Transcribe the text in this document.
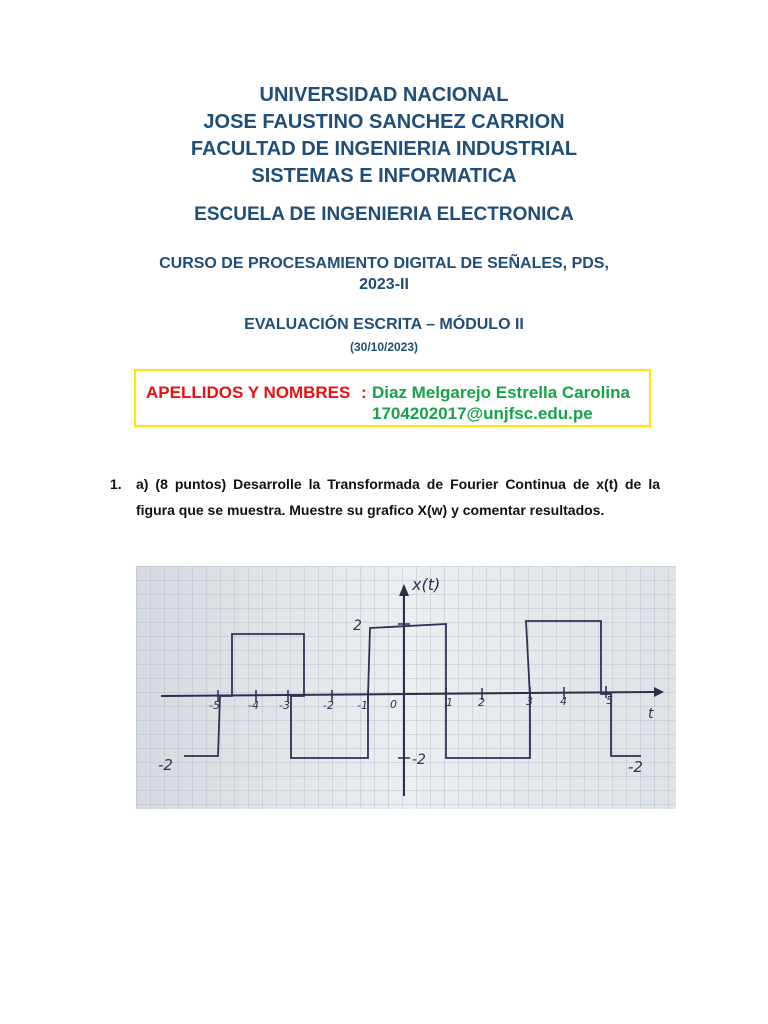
UNIVERSIDAD NACIONAL
JOSE FAUSTINO SANCHEZ CARRION
FACULTAD DE INGENIERIA INDUSTRIAL
SISTEMAS E INFORMATICA
ESCUELA DE INGENIERIA ELECTRONICA
CURSO DE PROCESAMIENTO DIGITAL DE SEÑALES, PDS,
2023-II
EVALUACIÓN ESCRITA – MÓDULO II
(30/10/2023)
APELLIDOS Y NOMBRES : Diaz Melgarejo Estrella Carolina
1704202017@unjfsc.edu.pe
1. a) (8 puntos) Desarrolle la Transformada de Fourier Continua de x(t) de la figura que se muestra. Muestre su grafico X(w) y comentar resultados.
-5	-4 -3	-2 -1 0	1 2	3 4	5
x(t)
t
2
-2
-2	-2
